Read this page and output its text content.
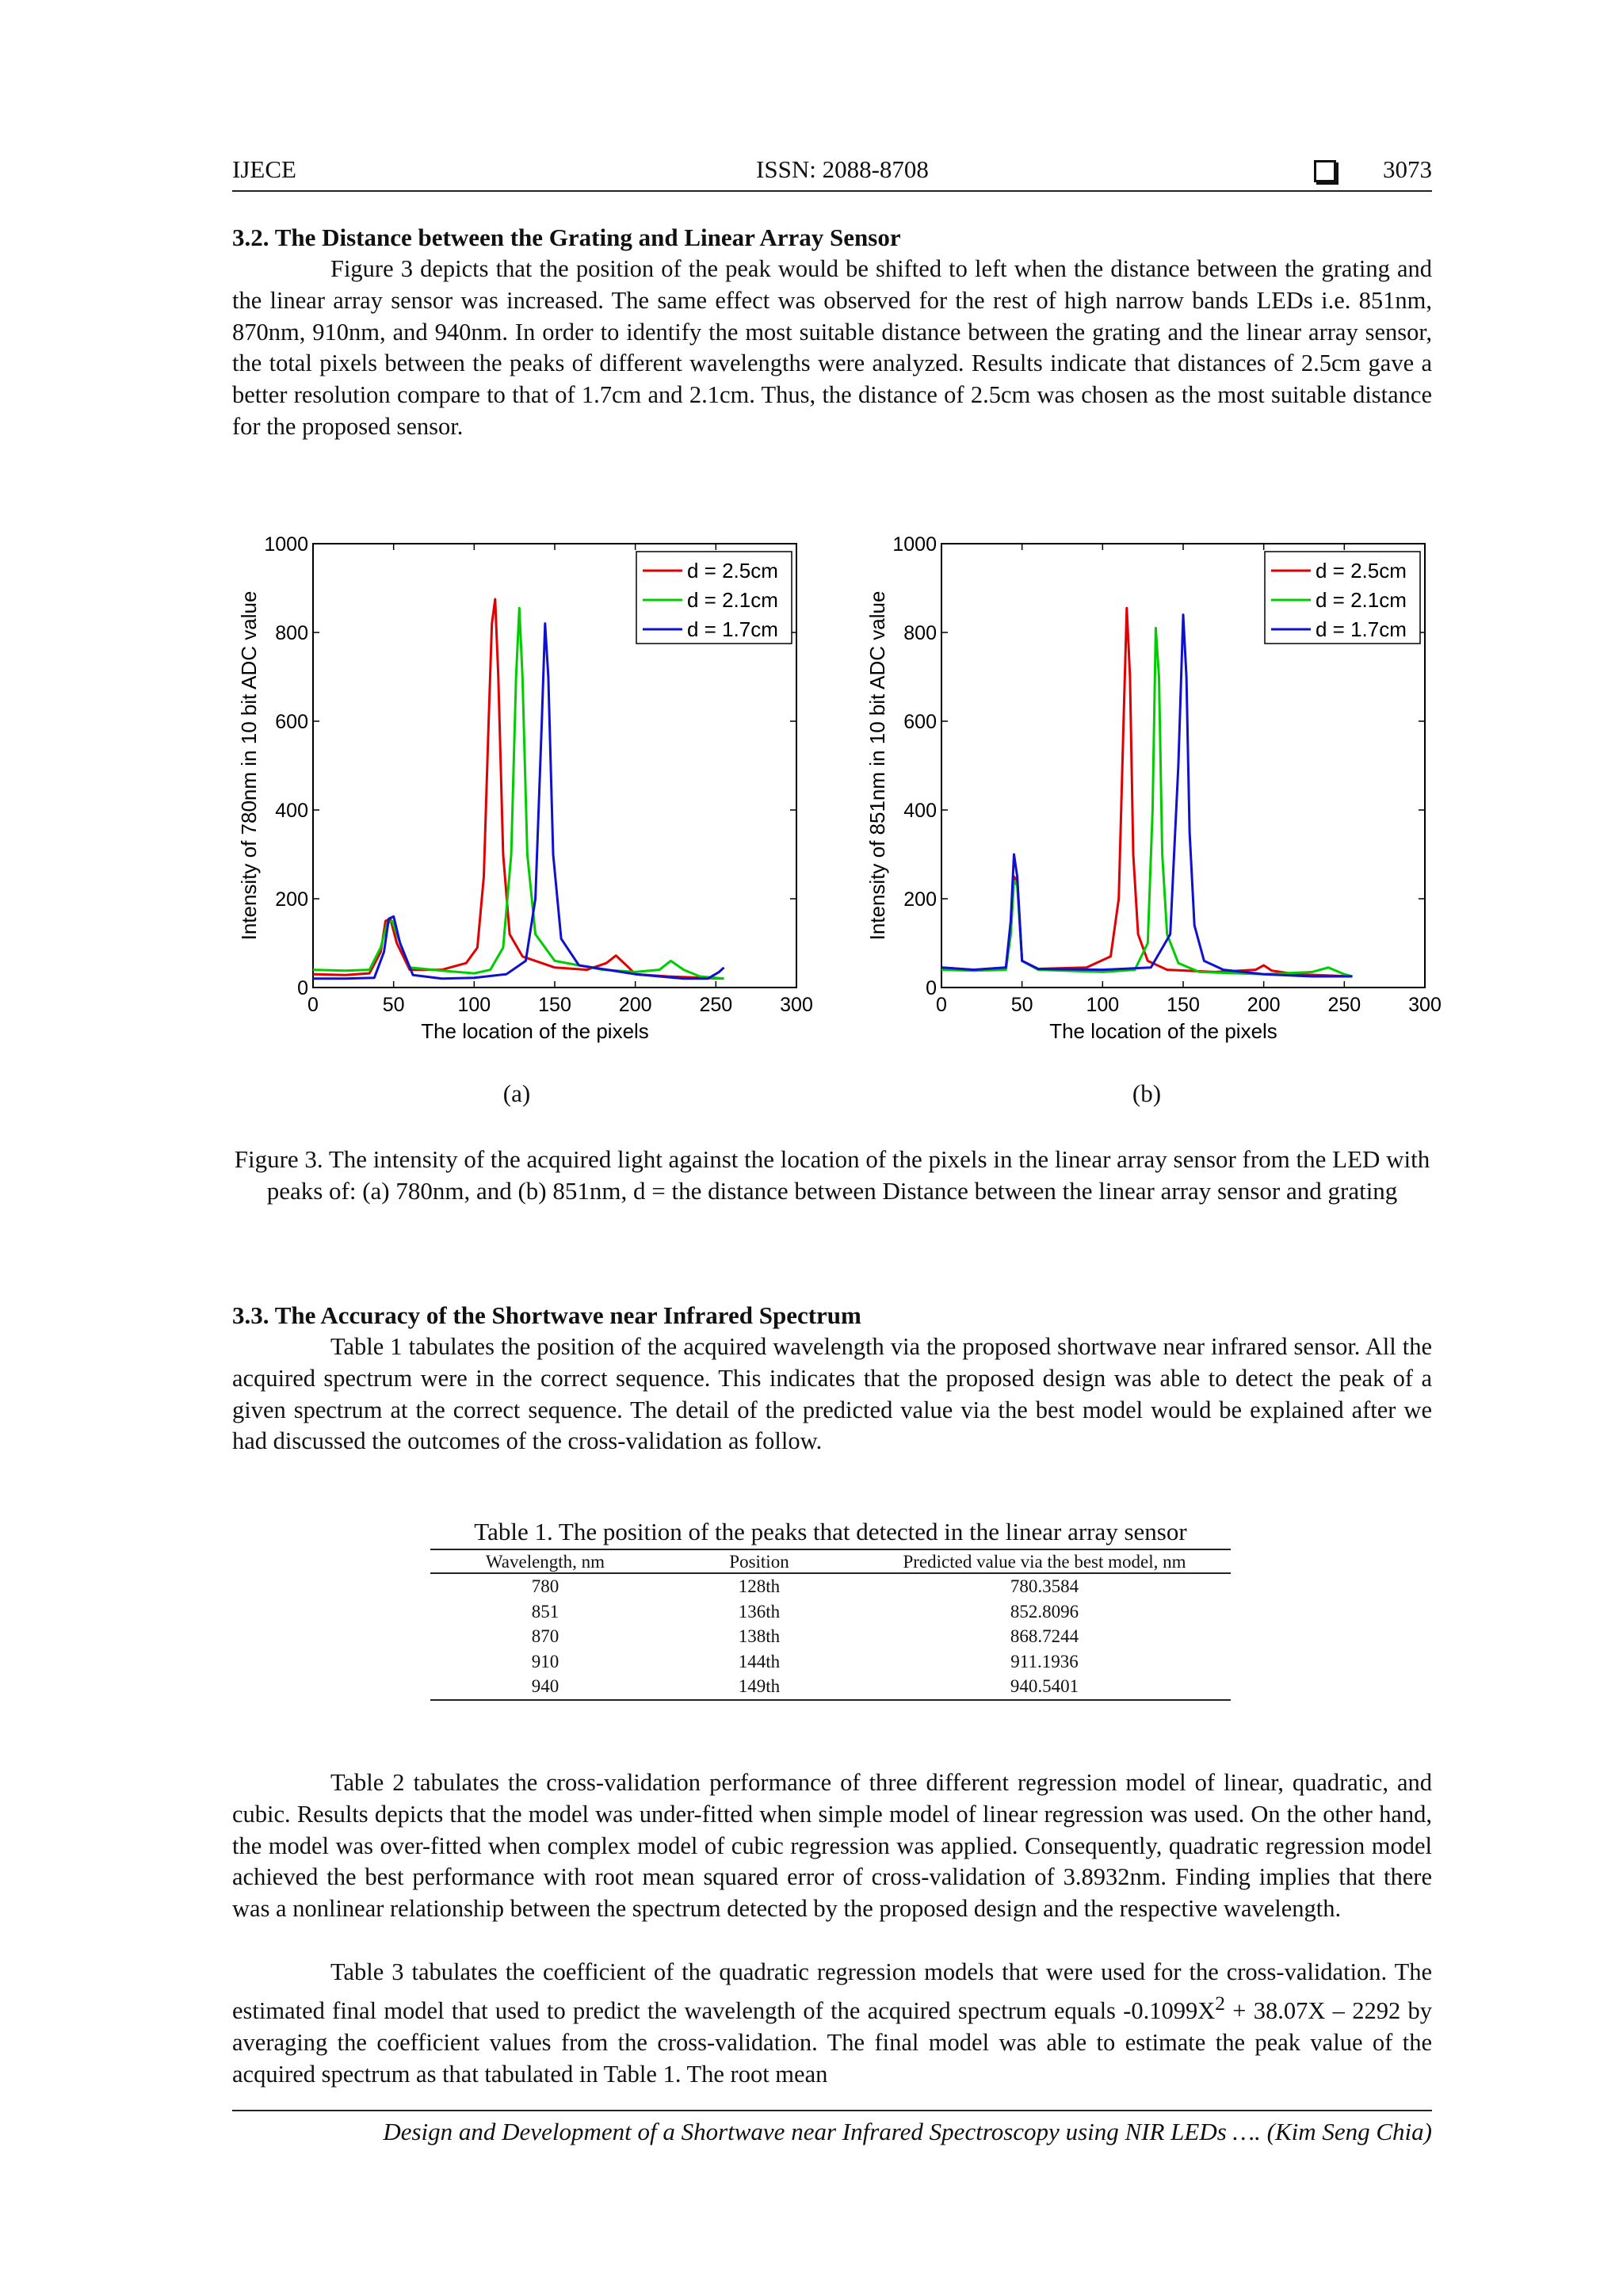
IJECE	ISSN: 2088-8708	3073
3.2. The Distance between the Grating and Linear Array Sensor

Figure 3 depicts that the position of the peak would be shifted to left when the distance between the grating and the linear array sensor was increased. The same effect was observed for the rest of high narrow bands LEDs i.e. 851nm, 870nm, 910nm, and 940nm. In order to identify the most suitable distance between the grating and the linear array sensor, the total pixels between the peaks of different wavelengths were analyzed. Results indicate that distances of 2.5cm gave a better resolution compare to that of 1.7cm and 2.1cm. Thus, the distance of 2.5cm was chosen as the most suitable distance for the proposed sensor.

0	50	100 150 200 250 300
0
200
400
600
800
1000
The location of the pixels
Intensity of 780nm in 10 bit ADC value
d = 2.5cm
d = 2.1cm
d = 1.7cm
0	50	100 150 200 250 300
0
200
400
600
800
1000
The location of the pixels
Intensity of 851nm in 10 bit ADC value
d = 2.5cm
d = 2.1cm
d = 1.7cm
(a)	(b)
Figure 3. The intensity of the acquired light against the location of the pixels in the linear array sensor from the LED with peaks of: (a) 780nm, and (b) 851nm, d = the distance between Distance between the linear array sensor and grating
3.3. The Accuracy of the Shortwave near Infrared Spectrum

Table 1 tabulates the position of the acquired wavelength via the proposed shortwave near infrared sensor. All the acquired spectrum were in the correct sequence. This indicates that the proposed design was able to detect the peak of a given spectrum at the correct sequence. The detail of the predicted value via the best model would be explained after we had discussed the outcomes of the cross-validation as follow.

Table 1. The position of the peaks that detected in the linear array sensor
Wavelength, nm	Position	Predicted value via the best model, nm
780	128th	780.3584
851	136th	852.8096
870	138th	868.7244
910	144th	911.1936
940	149th	940.5401

Table 2 tabulates the cross-validation performance of three different regression model of linear, quadratic, and cubic. Results depicts that the model was under-fitted when simple model of linear regression was used. On the other hand, the model was over-fitted when complex model of cubic regression was applied. Consequently, quadratic regression model achieved the best performance with root mean squared error of cross-validation of 3.8932nm. Finding implies that there was a nonlinear relationship between the spectrum detected by the proposed design and the respective wavelength.

Table 3 tabulates the coefficient of the quadratic regression models that were used for the cross-validation. The estimated final model that used to predict the wavelength of the acquired spectrum equals $-0.1099X^2 + 38.07X - 2292$ by averaging the coefficient values from the cross-validation. The final model was able to estimate the peak value of the acquired spectrum as that tabulated in Table 1. The root mean

Design and Development of a Shortwave near Infrared Spectroscopy using NIR LEDs …. (Kim Seng Chia)
